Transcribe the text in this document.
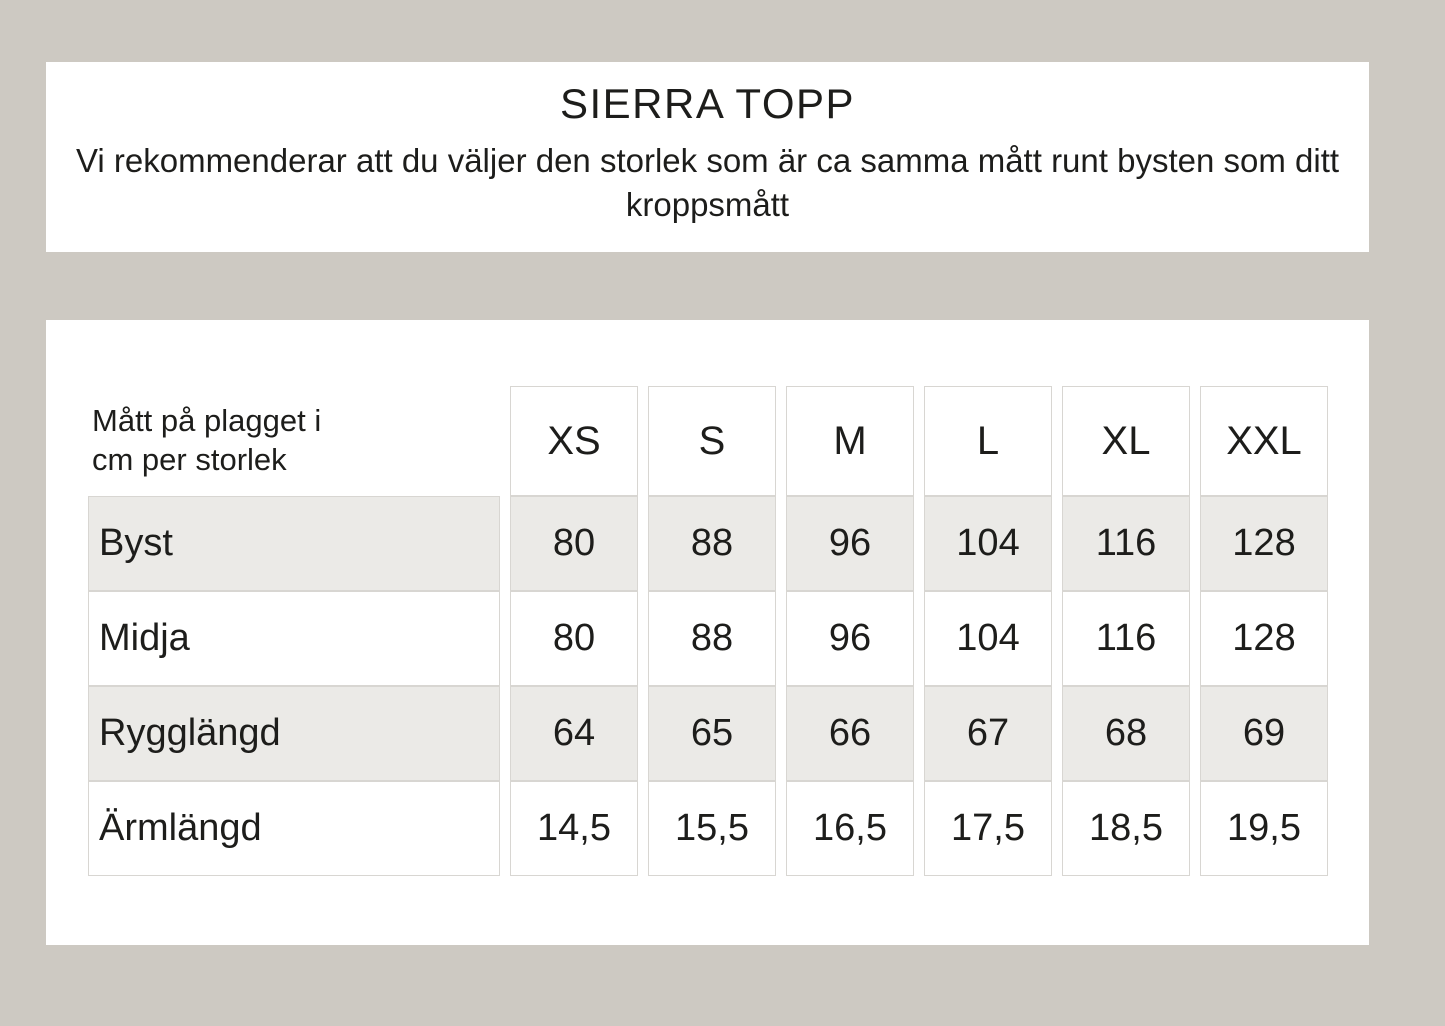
SIERRA TOPP

Vi rekommenderar att du väljer den storlek som är ca samma mått runt bysten som ditt kroppsmått

Mått på plagget i
cm per storlek	XS	S	M	L	XL	XXL
Byst	80	88	96	104	116	128
Midja	80	88	96	104	116	128
Rygglängd	64	65	66	67	68	69
Ärmlängd	14,5	15,5	16,5	17,5	18,5	19,5
